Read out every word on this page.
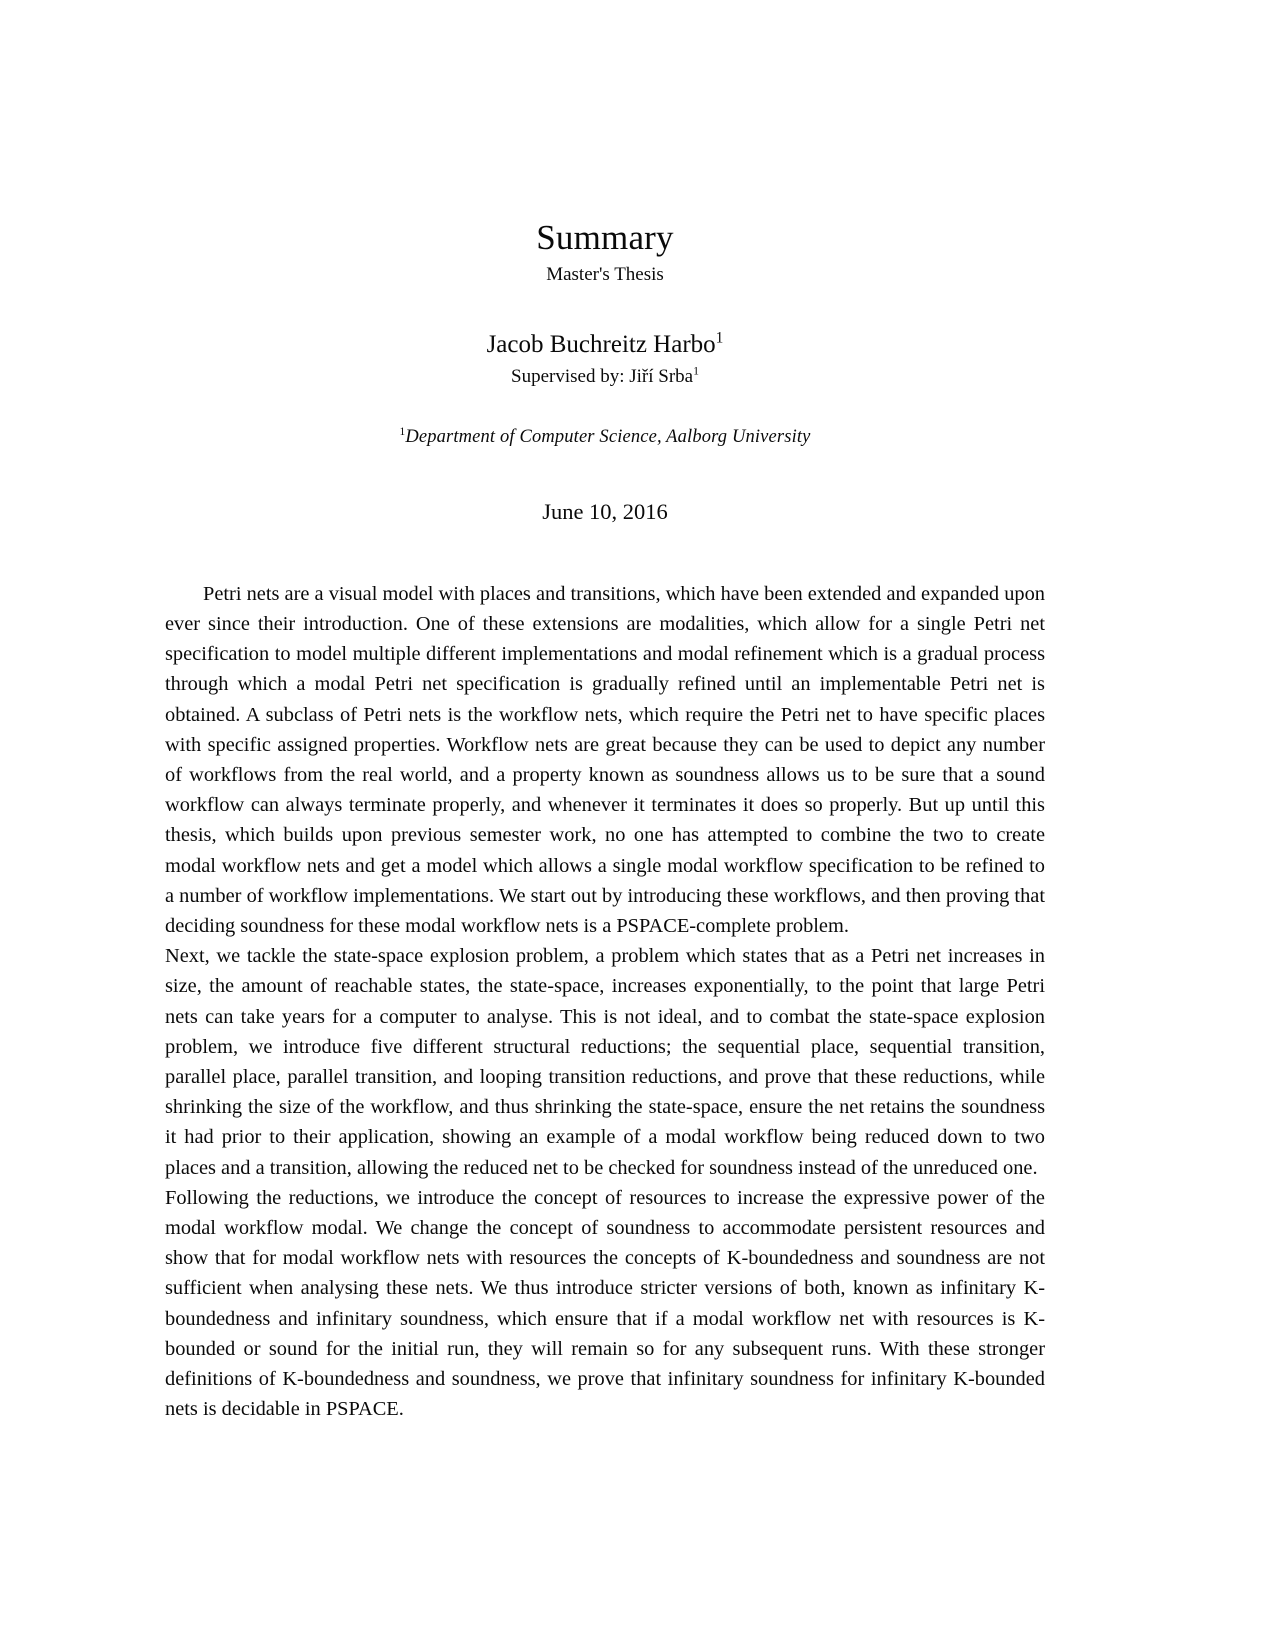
Summary

Master's Thesis

Jacob Buchreitz Harbo$^1$

Supervised by: Jiří Srba$^1$

$^1$Department of Computer Science, Aalborg University

June 10, 2016

Petri nets are a visual model with places and transitions, which have been extended and expanded upon ever since their introduction. One of these extensions are modalities, which allow for a single Petri net specification to model multiple different implementations and modal refinement which is a gradual process through which a modal Petri net specification is gradually refined until an implementable Petri net is obtained. A subclass of Petri nets is the workflow nets, which require the Petri net to have specific places with specific assigned properties. Workflow nets are great because they can be used to depict any number of workflows from the real world, and a property known as soundness allows us to be sure that a sound workflow can always terminate properly, and whenever it terminates it does so properly. But up until this thesis, which builds upon previous semester work, no one has attempted to combine the two to create modal workflow nets and get a model which allows a single modal workflow specification to be refined to a number of workflow implementations. We start out by introducing these workflows, and then proving that deciding soundness for these modal workflow nets is a PSPACE-complete problem.

Next, we tackle the state-space explosion problem, a problem which states that as a Petri net increases in size, the amount of reachable states, the state-space, increases exponentially, to the point that large Petri nets can take years for a computer to analyse. This is not ideal, and to combat the state-space explosion problem, we introduce five different structural reductions; the sequential place, sequential transition, parallel place, parallel transition, and looping transition reductions, and prove that these reductions, while shrinking the size of the workflow, and thus shrinking the state-space, ensure the net retains the soundness it had prior to their application, showing an example of a modal workflow being reduced down to two places and a transition, allowing the reduced net to be checked for soundness instead of the unreduced one.

Following the reductions, we introduce the concept of resources to increase the expressive power of the modal workflow modal. We change the concept of soundness to accommodate persistent resources and show that for modal workflow nets with resources the concepts of K-boundedness and soundness are not sufficient when analysing these nets. We thus introduce stricter versions of both, known as infinitary K-boundedness and infinitary soundness, which ensure that if a modal workflow net with resources is K-bounded or sound for the initial run, they will remain so for any subsequent runs. With these stronger definitions of K-boundedness and soundness, we prove that infinitary soundness for infinitary K-bounded nets is decidable in PSPACE.
